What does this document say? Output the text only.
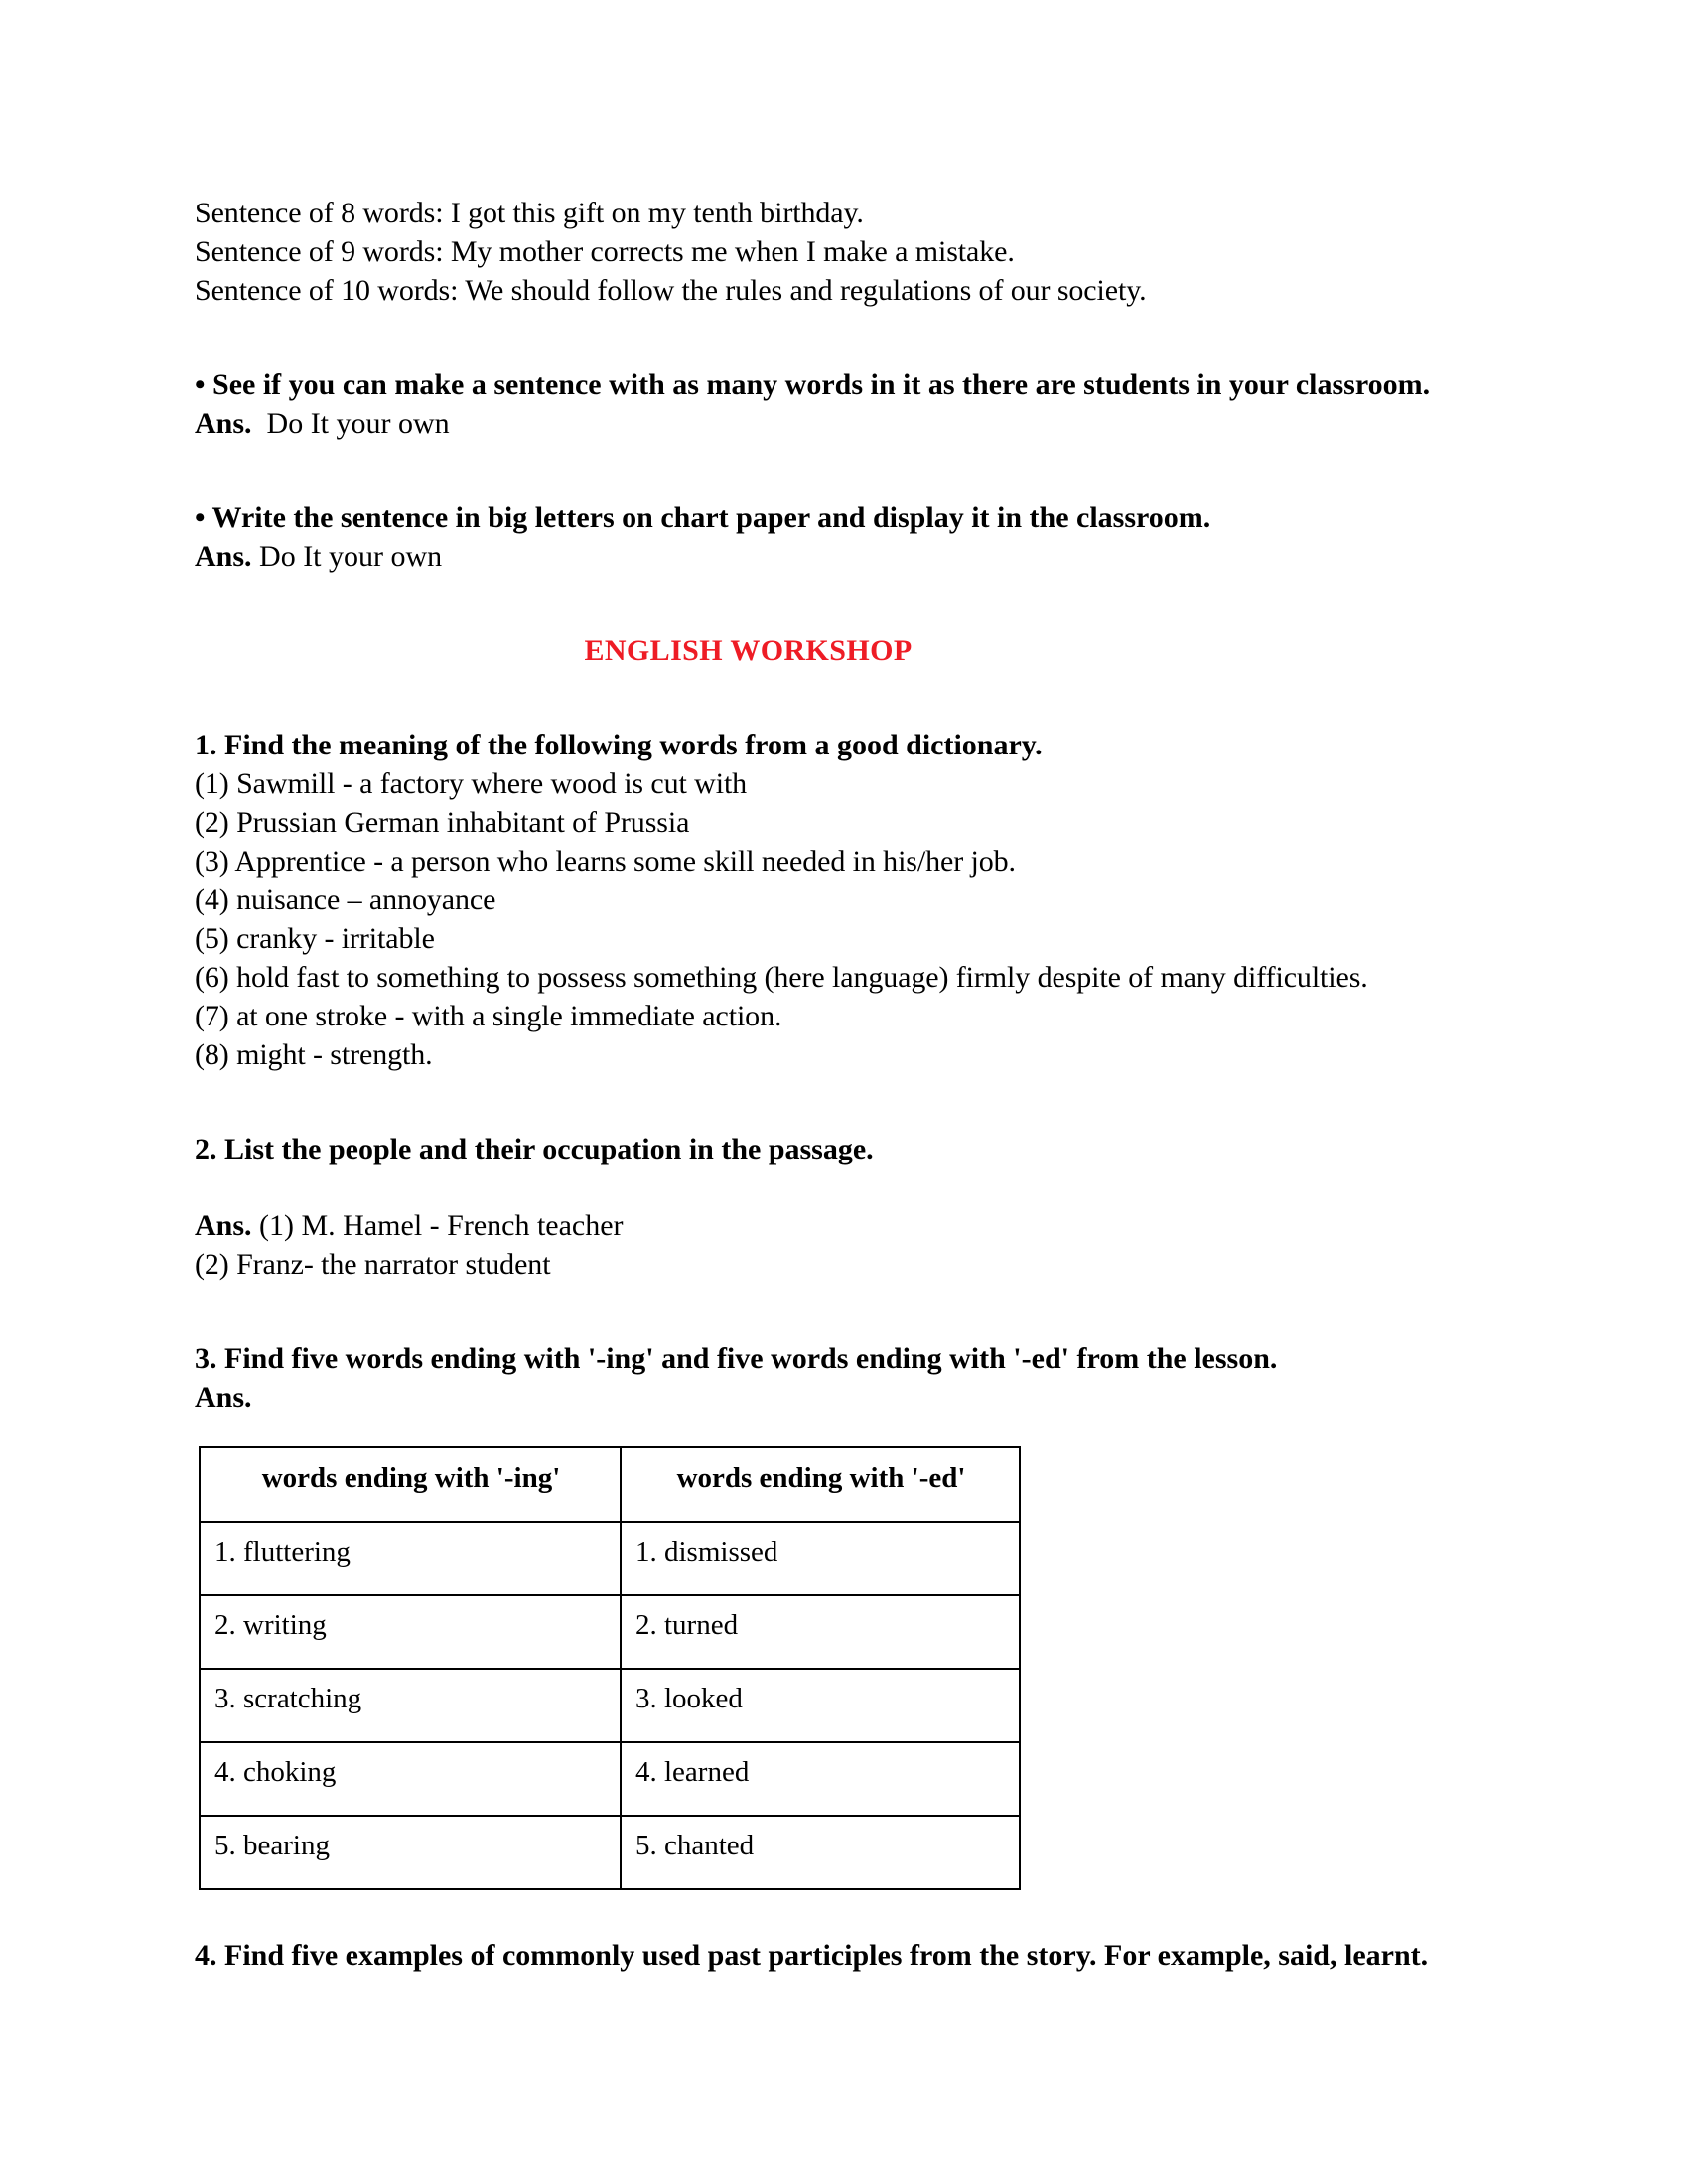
Sentence of 8 words: I got this gift on my tenth birthday.
Sentence of 9 words: My mother corrects me when I make a mistake.
Sentence of 10 words: We should follow the rules and regulations of our society.
• See if you can make a sentence with as many words in it as there are students in your classroom.
Ans. Do It your own
• Write the sentence in big letters on chart paper and display it in the classroom.
Ans. Do It your own
ENGLISH WORKSHOP
1. Find the meaning of the following words from a good dictionary.
(1) Sawmill - a factory where wood is cut with
(2) Prussian German inhabitant of Prussia
(3) Apprentice - a person who learns some skill needed in his/her job.
(4) nuisance – annoyance
(5) cranky - irritable
(6) hold fast to something to possess something (here language) firmly despite of many difficulties.
(7) at one stroke - with a single immediate action.
(8) might - strength.
2. List the people and their occupation in the passage.
Ans. (1) M. Hamel - French teacher
(2) Franz- the narrator student
3. Find five words ending with '-ing' and five words ending with '-ed' from the lesson.
Ans.
words ending with '-ing'	words ending with '-ed'
1. fluttering	1. dismissed
2. writing	2. turned
3. scratching	3. looked
4. choking	4. learned
5. bearing	5. chanted
4. Find five examples of commonly used past participles from the story. For example, said, learnt.
